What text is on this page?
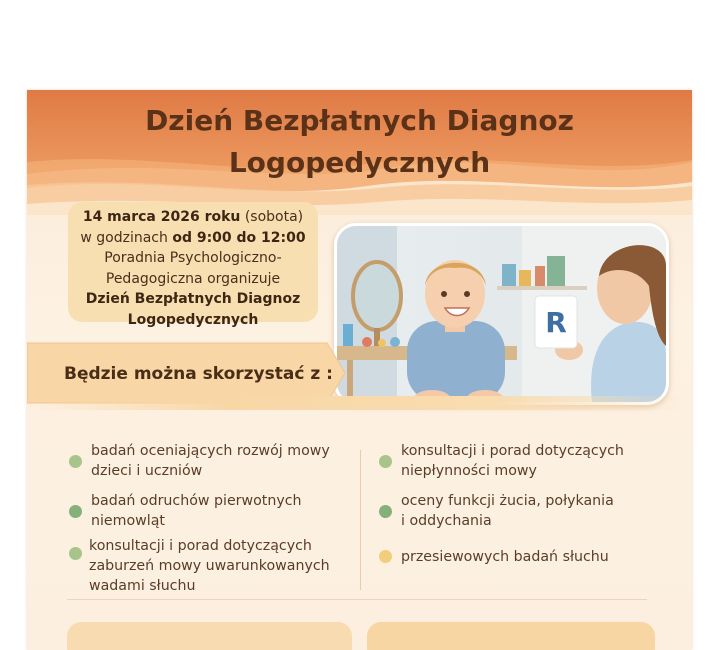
Dzień Bezpłatnych Diagnoz
Logopedycznych
14 marca 2026 roku (sobota)
w godzinach od 9:00 do 12:00
Poradnia Psychologiczno-
Pedagogiczna organizuje
Dzień Bezpłatnych Diagnoz
Logopedycznych	R
Będzie można skorzystać z :
badań oceniających rozwój mowy
dzieci i uczniów
badań odruchów pierwotnych
niemowląt
konsultacji i porad dotyczących
zaburzeń mowy uwarunkowanych
wadami słuchu
konsultacji i porad dotyczących
niepłynności mowy
oceny funkcji żucia, połykania
i oddychania
przesiewowych badań słuchu
